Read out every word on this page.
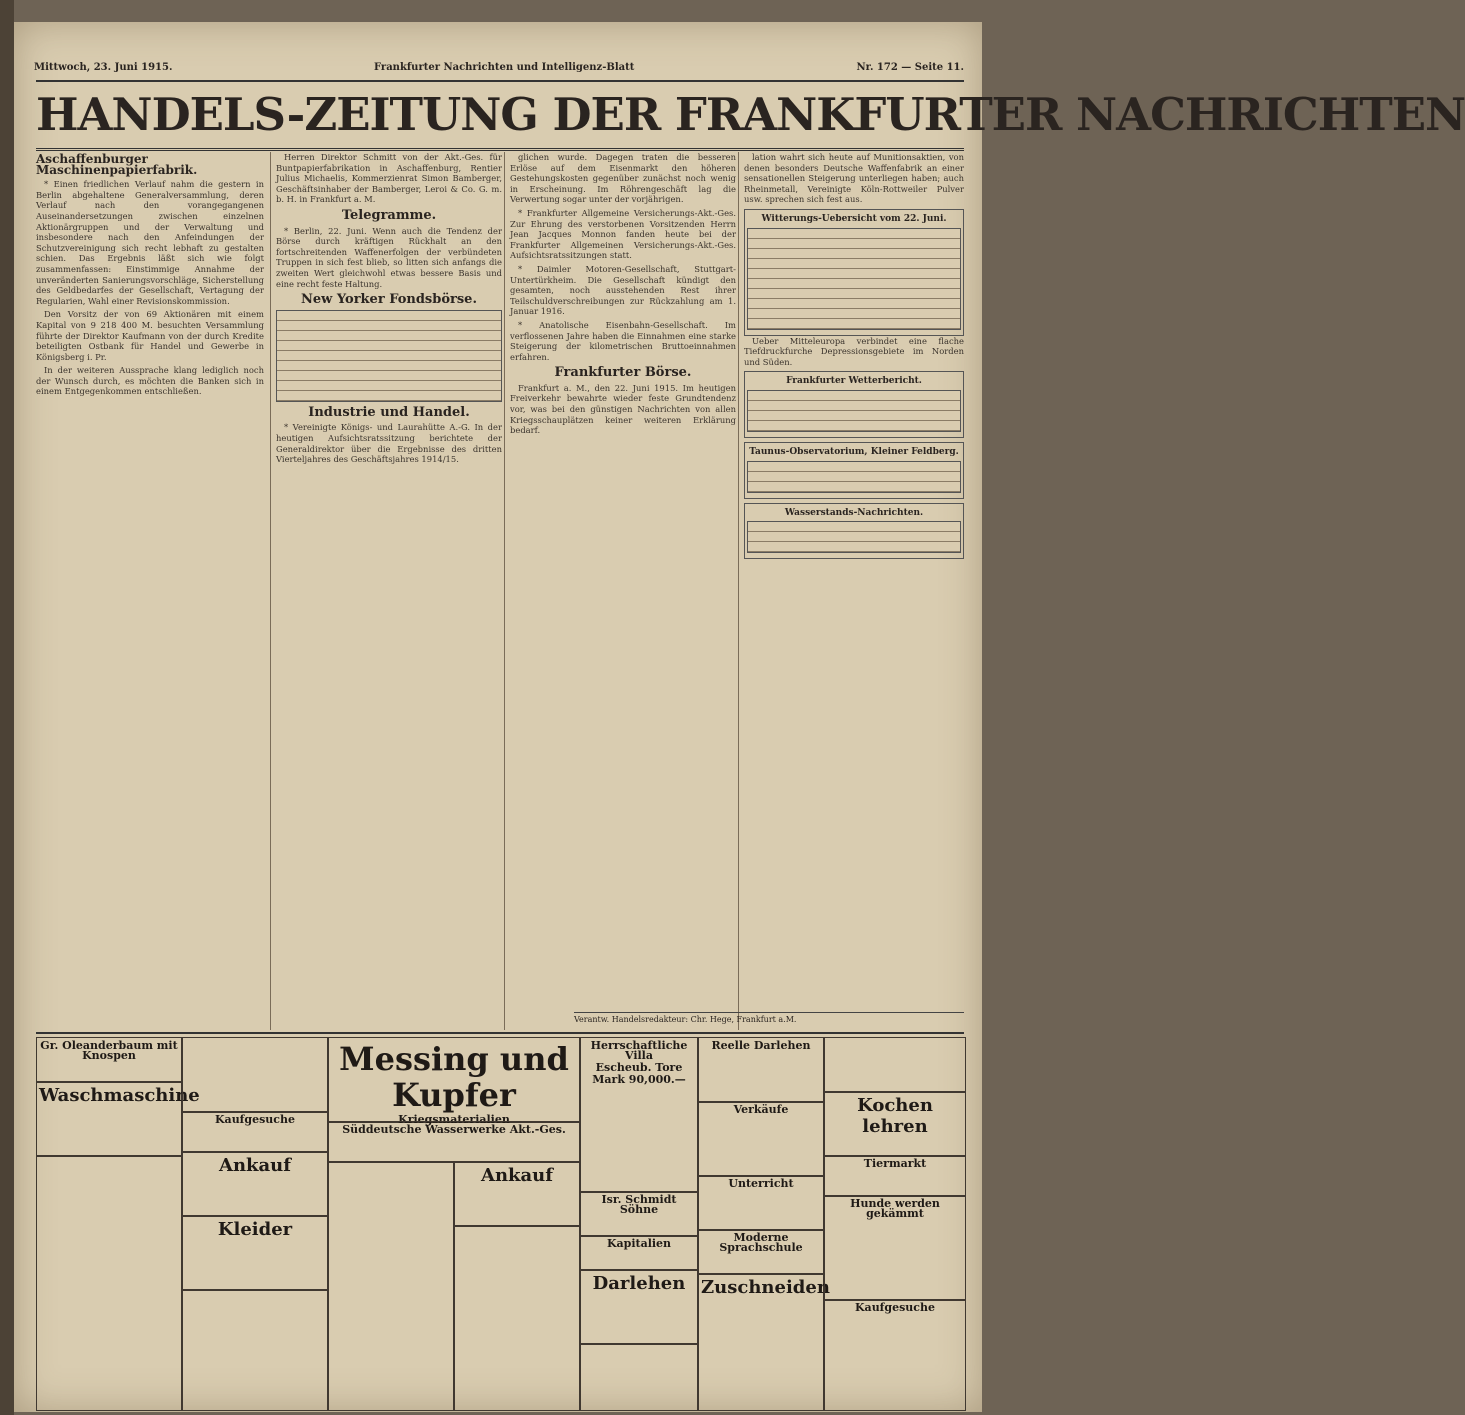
Mittwoch, 23. Juni 1915.	Frankfurter Nachrichten und Intelligenz-Blatt	Nr. 172 — Seite 11.
HANDELS-ZEITUNG DER FRANKFURTER NACHRICHTEN
Aschaffenburger Maschinenpapierfabrik.

* Einen friedlichen Verlauf nahm die gestern in Berlin abgehaltene Generalversammlung, deren Verlauf nach den vorangegangenen Auseinandersetzungen zwischen einzelnen Aktionärgruppen und der Verwaltung und insbesondere nach den Anfeindungen der Schutzvereinigung sich recht lebhaft zu gestalten schien. Das Ergebnis läßt sich wie folgt zusammenfassen: Einstimmige Annahme der unveränderten Sanierungsvorschläge, Sicherstellung des Geldbedarfes der Gesellschaft, Vertagung der Regularien, Wahl einer Revisionskommission.

Den Vorsitz der von 69 Aktionären mit einem Kapital von 9 218 400 M. besuchten Versammlung führte der Direktor Kaufmann von der durch Kredite beteiligten Ostbank für Handel und Gewerbe in Königsberg i. Pr.

In der weiteren Aussprache klang lediglich noch der Wunsch durch, es möchten die Banken sich in einem Entgegenkommen entschließen.

Herren Direktor Schmitt von der Akt.-Ges. für Buntpapierfabrikation in Aschaffenburg, Rentier Julius Michaelis, Kommerzienrat Simon Bamberger, Geschäftsinhaber der Bamberger, Leroi & Co. G. m. b. H. in Frankfurt a. M.

Telegramme.

* Berlin, 22. Juni. Wenn auch die Tendenz der Börse durch kräftigen Rückhalt an den fortschreitenden Waffenerfolgen der verbündeten Truppen in sich fest blieb, so litten sich anfangs die zweiten Wert gleichwohl etwas bessere Basis und eine recht feste Haltung.

New Yorker Fondsbörse.
Industrie und Handel.

* Vereinigte Königs- und Laurahütte A.-G. In der heutigen Aufsichtsratssitzung berichtete der Generaldirektor über die Ergebnisse des dritten Vierteljahres des Geschäftsjahres 1914/15.

glichen wurde. Dagegen traten die besseren Erlöse auf dem Eisenmarkt den höheren Gestehungskosten gegenüber zunächst noch wenig in Erscheinung. Im Röhrengeschäft lag die Verwertung sogar unter der vorjährigen.

* Frankfurter Allgemeine Versicherungs-Akt.-Ges. Zur Ehrung des verstorbenen Vorsitzenden Herrn Jean Jacques Monnon fanden heute bei der Frankfurter Allgemeinen Versicherungs-Akt.-Ges. Aufsichtsratssitzungen statt.

* Daimler Motoren-Gesellschaft, Stuttgart-Untertürkheim. Die Gesellschaft kündigt den gesamten, noch ausstehenden Rest ihrer Teilschuldverschreibungen zur Rückzahlung am 1. Januar 1916.

* Anatolische Eisenbahn-Gesellschaft. Im verflossenen Jahre haben die Einnahmen eine starke Steigerung der kilometrischen Bruttoeinnahmen erfahren.

Frankfurter Börse.

Frankfurt a. M., den 22. Juni 1915. Im heutigen Freiverkehr bewahrte wieder feste Grundtendenz vor, was bei den günstigen Nachrichten von allen Kriegsschauplätzen keiner weiteren Erklärung bedarf.

lation wahrt sich heute auf Munitionsaktien, von denen besonders Deutsche Waffenfabrik an einer sensationellen Steigerung unterliegen haben; auch Rheinmetall, Vereinigte Köln-Rottweiler Pulver usw. sprechen sich fest aus.

Witterungs-Uebersicht vom 22. Juni.

Ueber Mitteleuropa verbindet eine flache Tiefdruckfurche Depressionsgebiete im Norden und Süden.

Frankfurter Wetterbericht.
Taunus-Observatorium, Kleiner Feldberg.
Wasserstands-Nachrichten.
Verantw. Handelsredakteur: Chr. Hege, Frankfurt a.M.
Gr. Oleanderbaum mit Knospen
Waschmaschine
Kaufgesuche
Ankauf
Kleider
Messing und Kupfer
Kriegsmaterialien
Süddeutsche Wasserwerke Akt.-Ges.
Ankauf
Herrschaftliche Villa
Escheub. Tore
Mark 90,000.—
Isr. Schmidt Söhne
Kapitalien
Darlehen
Reelle Darlehen
Verkäufe
Unterricht
Moderne Sprachschule
Zuschneiden
Kochen lehren
Tiermarkt
Hunde werden gekämmt
Kaufgesuche
